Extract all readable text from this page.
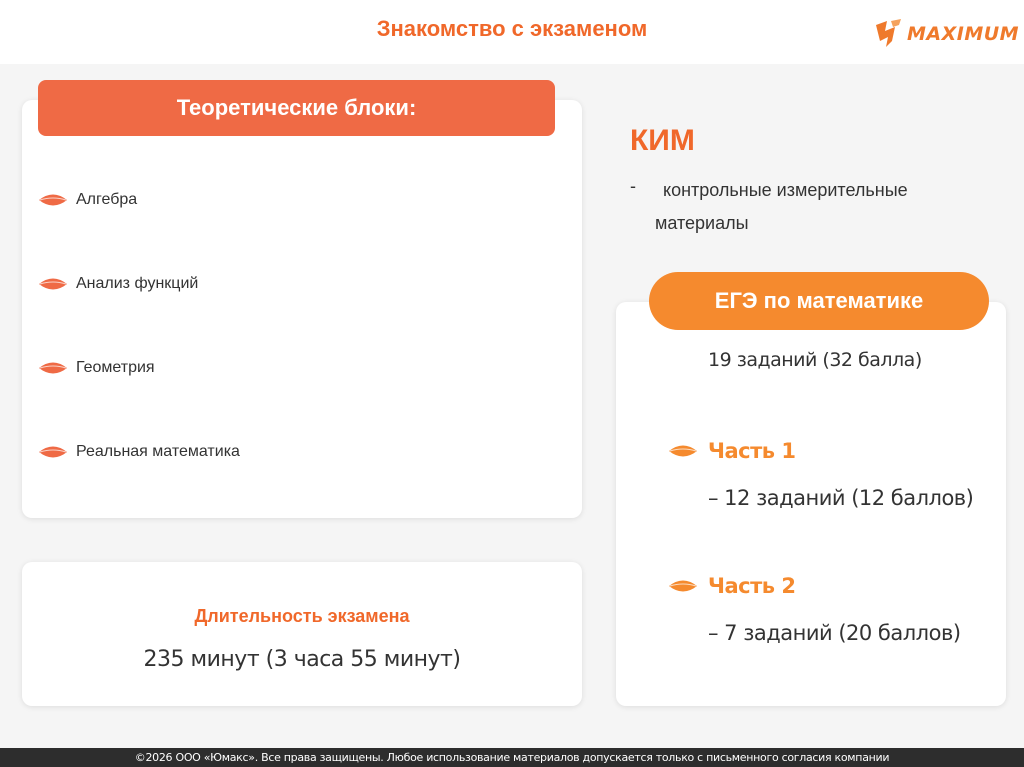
Знакомство с экзаменом	MAXIMUM
Теоретические блоки:
Алгебра
Анализ функций
Геометрия
Реальная математика
Длительность экзамена
235 минут (3 часа 55 минут)
КИМ
-	контрольные измерительные материалы
ЕГЭ по математике
19 заданий (32 балла)
Часть 1
– 12 заданий (12 баллов)
Часть 2
– 7 заданий (20 баллов)
©2026 ООО «Юмакс». Все права защищены. Любое использование материалов допускается только с письменного согласия компании
